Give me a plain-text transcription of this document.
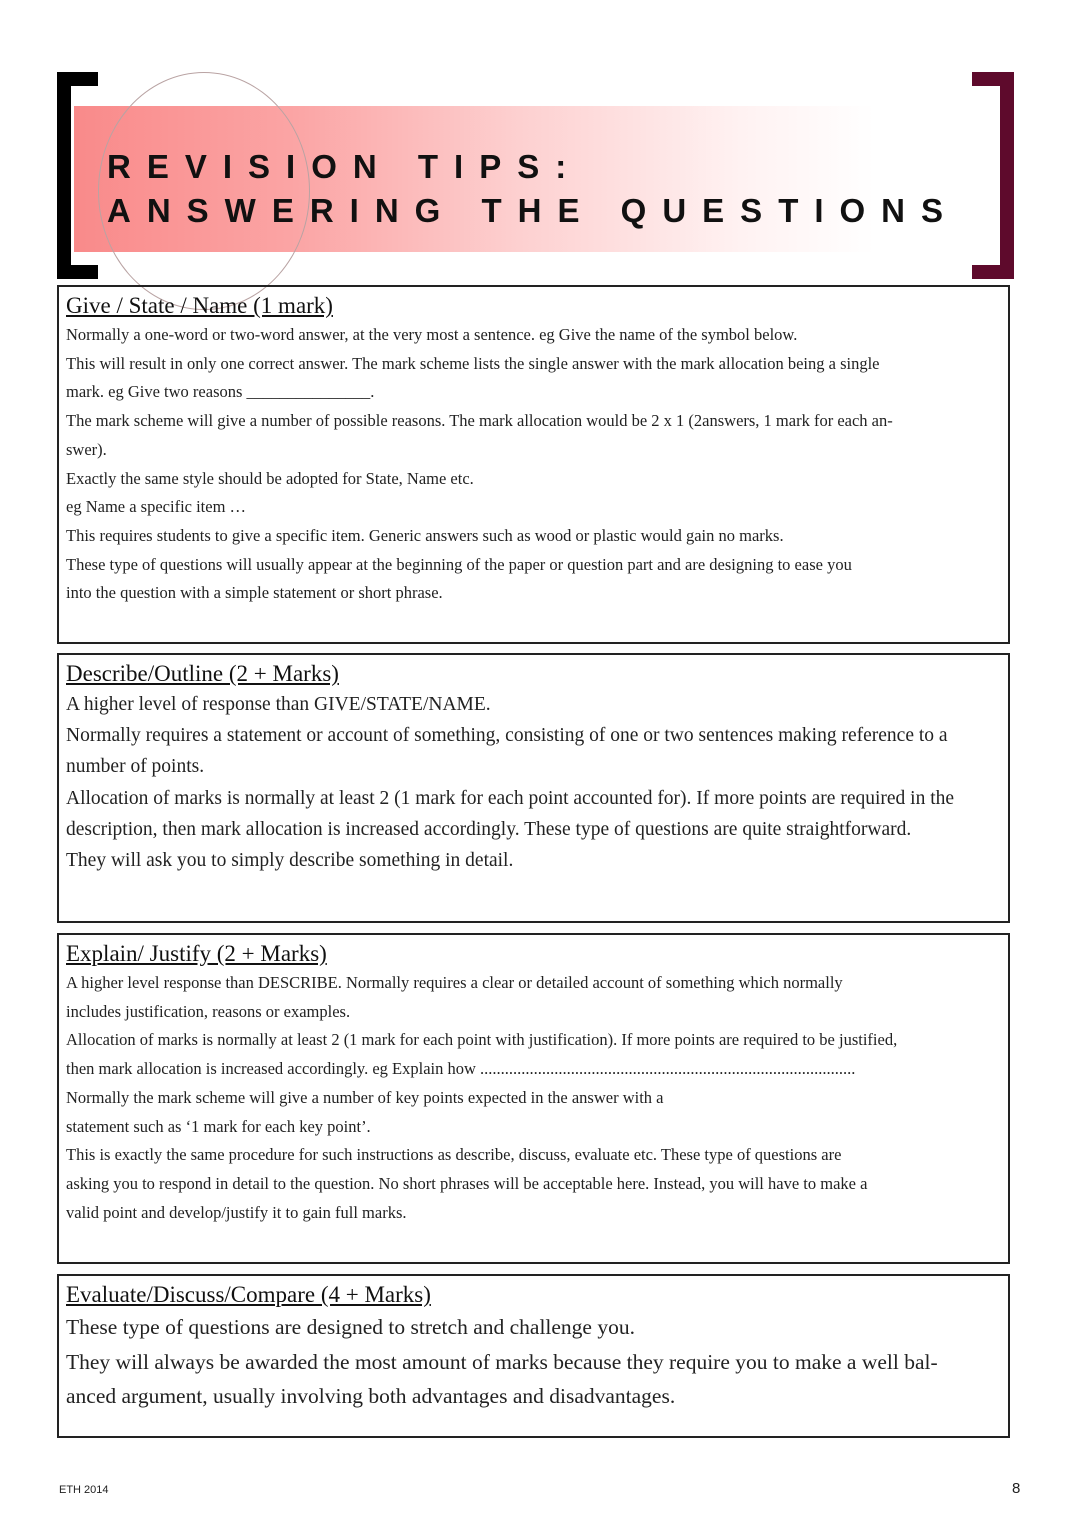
REVISION TIPS:
ANSWERING THE QUESTIONS
Give / State / Name (1 mark)
Normally a one-word or two-word answer, at the very most a sentence. eg Give the name of the symbol below.
This will result in only one correct answer. The mark scheme lists the single answer with the mark allocation being a single
mark. eg Give two reasons _______________.
The mark scheme will give a number of possible reasons. The mark allocation would be 2 x 1 (2answers, 1 mark for each an-
swer).
Exactly the same style should be adopted for State, Name etc.
eg Name a specific item …
This requires students to give a specific item. Generic answers such as wood or plastic would gain no marks.
These type of questions will usually appear at the beginning of the paper or question part and are designing to ease you
into the question with a simple statement or short phrase.
Describe/Outline (2 + Marks)
A higher level of response than GIVE/STATE/NAME.
Normally requires a statement or account of something, consisting of one or two sentences making reference to a
number of points.
Allocation of marks is normally at least 2 (1 mark for each point accounted for). If more points are required in the
description, then mark allocation is increased accordingly. These type of questions are quite straightforward.
They will ask you to simply describe something in detail.
Explain/ Justify (2 + Marks)
A higher level response than DESCRIBE. Normally requires a clear or detailed account of something which normally
includes justification, reasons or examples.
Allocation of marks is normally at least 2 (1 mark for each point with justification). If more points are required to be justified,
then mark allocation is increased accordingly. eg Explain how ...........................................................................................
Normally the mark scheme will give a number of key points expected in the answer with a
statement such as ‘1 mark for each key point’.
This is exactly the same procedure for such instructions as describe, discuss, evaluate etc. These type of questions are
asking you to respond in detail to the question. No short phrases will be acceptable here. Instead, you will have to make a
valid point and develop/justify it to gain full marks.
Evaluate/Discuss/Compare (4 + Marks)
These type of questions are designed to stretch and challenge you.
They will always be awarded the most amount of marks because they require you to make a well bal-
anced argument, usually involving both advantages and disadvantages.
ETH 2014	8
